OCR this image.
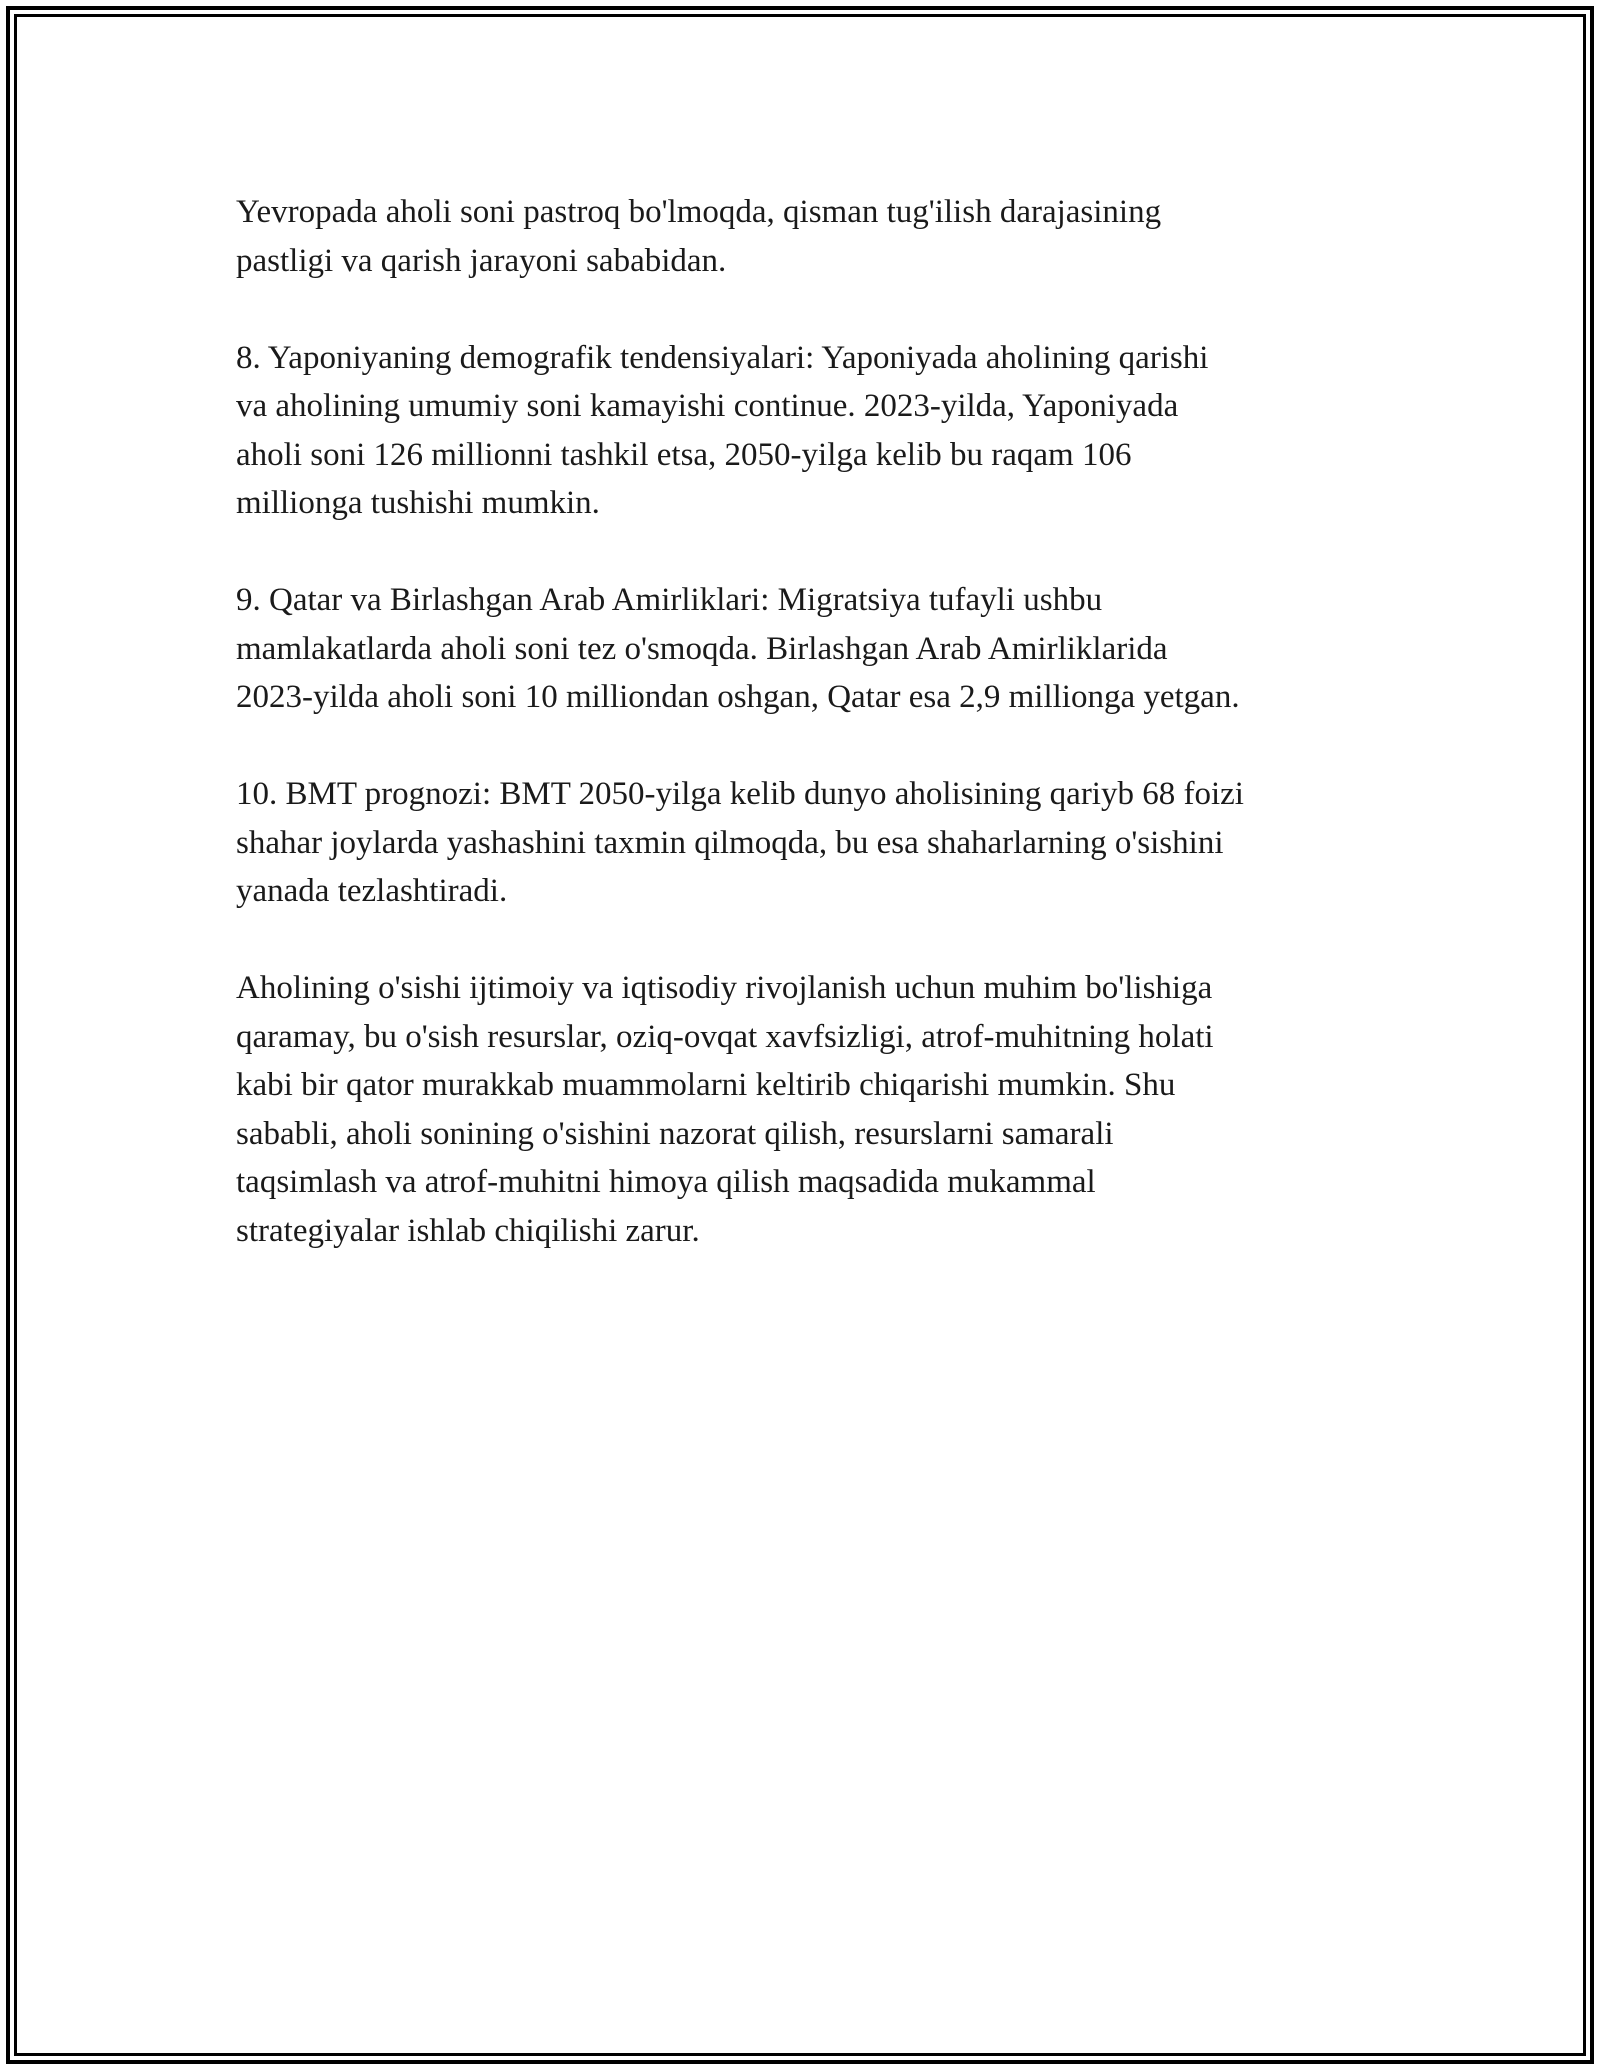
Yevropada aholi soni pastroq bo'lmoqda, qisman tug'ilish darajasining
pastligi va qarish jarayoni sababidan.

8. Yaponiyaning demografik tendensiyalari: Yaponiyada aholining qarishi
va aholining umumiy soni kamayishi continue. 2023-yilda, Yaponiyada
aholi soni 126 millionni tashkil etsa, 2050-yilga kelib bu raqam 106
millionga tushishi mumkin.

9. Qatar va Birlashgan Arab Amirliklari: Migratsiya tufayli ushbu
mamlakatlarda aholi soni tez o'smoqda. Birlashgan Arab Amirliklarida
2023-yilda aholi soni 10 milliondan oshgan, Qatar esa 2,9 millionga yetgan.

10. BMT prognozi: BMT 2050-yilga kelib dunyo aholisining qariyb 68 foizi
shahar joylarda yashashini taxmin qilmoqda, bu esa shaharlarning o'sishini
yanada tezlashtiradi.

Aholining o'sishi ijtimoiy va iqtisodiy rivojlanish uchun muhim bo'lishiga
qaramay, bu o'sish resurslar, oziq-ovqat xavfsizligi, atrof-muhitning holati
kabi bir qator murakkab muammolarni keltirib chiqarishi mumkin. Shu
sababli, aholi sonining o'sishini nazorat qilish, resurslarni samarali
taqsimlash va atrof-muhitni himoya qilish maqsadida mukammal
strategiyalar ishlab chiqilishi zarur.
